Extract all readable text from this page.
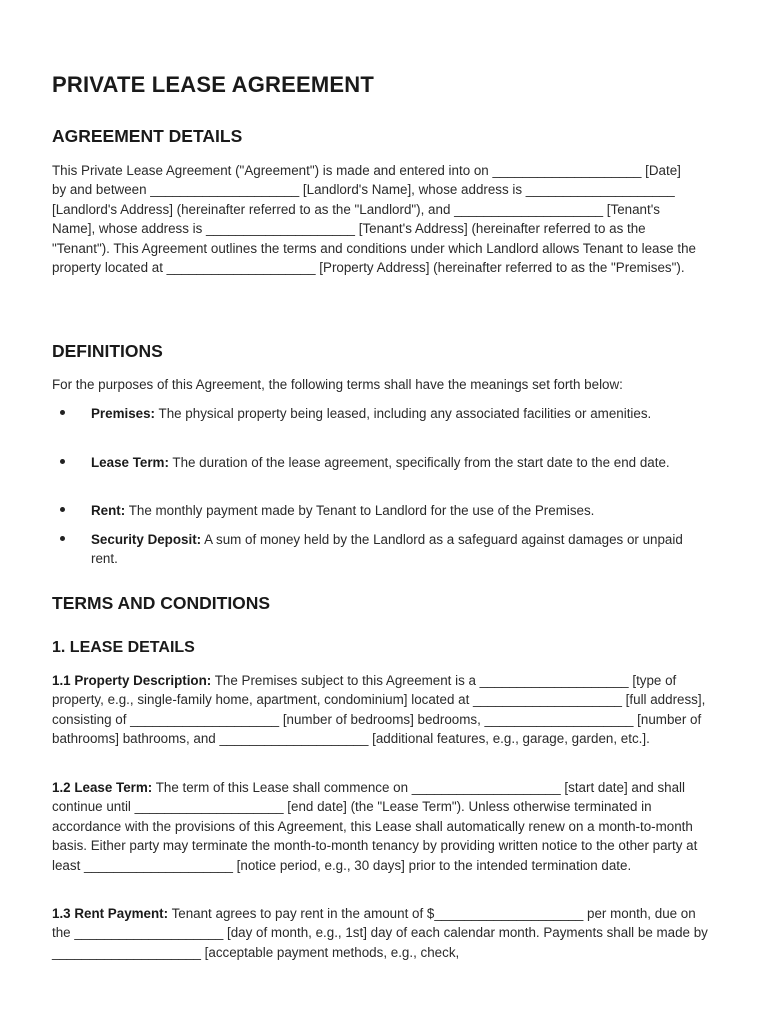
PRIVATE LEASE AGREEMENT
AGREEMENT DETAILS

This Private Lease Agreement ("Agreement") is made and entered into on ____________________ [Date] by and between ____________________ [Landlord's Name], whose address is ____________________ [Landlord's Address] (hereinafter referred to as the "Landlord"), and ____________________ [Tenant's Name], whose address is ____________________ [Tenant's Address] (hereinafter referred to as the "Tenant"). This Agreement outlines the terms and conditions under which Landlord allows Tenant to lease the property located at ____________________ [Property Address] (hereinafter referred to as the "Premises").

DEFINITIONS

For the purposes of this Agreement, the following terms shall have the meanings set forth below:

Premises: The physical property being leased, including any associated facilities or amenities.
Lease Term: The duration of the lease agreement, specifically from the start date to the end date.
Rent: The monthly payment made by Tenant to Landlord for the use of the Premises.
Security Deposit: A sum of money held by the Landlord as a safeguard against damages or unpaid rent.
TERMS AND CONDITIONS
1. LEASE DETAILS

1.1 Property Description: The Premises subject to this Agreement is a ____________________ [type of property, e.g., single-family home, apartment, condominium] located at ____________________ [full address], consisting of ____________________ [number of bedrooms] bedrooms, ____________________ [number of bathrooms] bathrooms, and ____________________ [additional features, e.g., garage, garden, etc.].

1.2 Lease Term: The term of this Lease shall commence on ____________________ [start date] and shall continue until ____________________ [end date] (the "Lease Term"). Unless otherwise terminated in accordance with the provisions of this Agreement, this Lease shall automatically renew on a month-to-month basis. Either party may terminate the month-to-month tenancy by providing written notice to the other party at least ____________________ [notice period, e.g., 30 days] prior to the intended termination date.

1.3 Rent Payment: Tenant agrees to pay rent in the amount of $____________________ per month, due on the ____________________ [day of month, e.g., 1st] day of each calendar month. Payments shall be made by ____________________ [acceptable payment methods, e.g., check,
